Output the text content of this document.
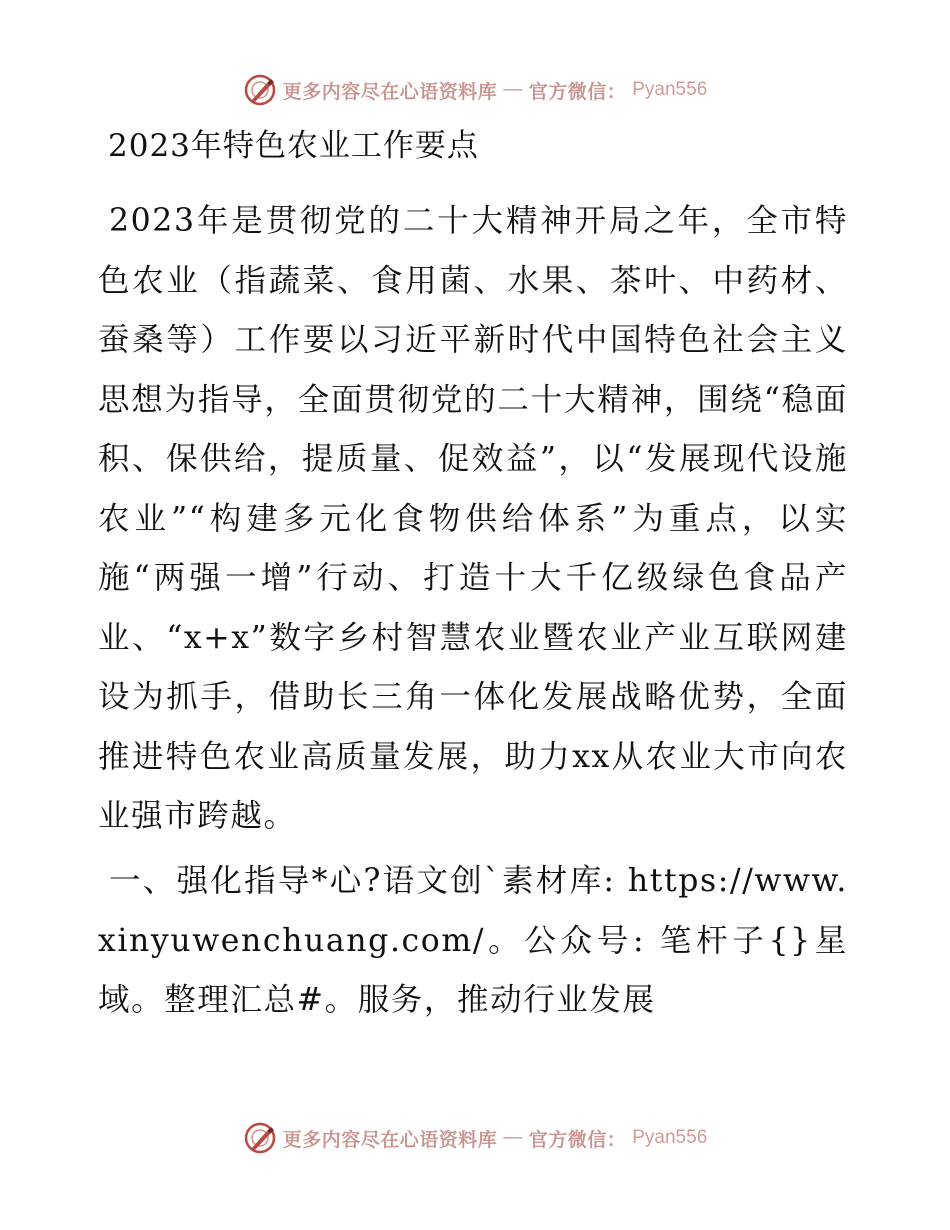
更多内容尽在心语资料库 — 官方微信： Pyan556
2023年特色农业工作要点
2023年是贯彻党的二十大精神开局之年，全市特色农业（指蔬菜、食用菌、水果、茶叶、中药材、蚕桑等）工作要以习近平新时代中国特色社会主义思想为指导，全面贯彻党的二十大精神，围绕“稳面积、保供给，提质量、促效益”，以“发展现代设施农业”“构建多元化食物供给体系”为重点，以实施“两强一增”行动、打造十大千亿级绿色食品产业、“x+x”数字乡村智慧农业暨农业产业互联网建设为抓手，借助长三角一体化发展战略优势，全面推进特色农业高质量发展，助力xx从农业大市向农业强市跨越。
一、强化指导*心?语文创`素材库: https://www.xinyuwenchuang.com/。公众号: 笔杆子{}星域。整理汇总#。服务，推动行业发展
更多内容尽在心语资料库 — 官方微信： Pyan556
